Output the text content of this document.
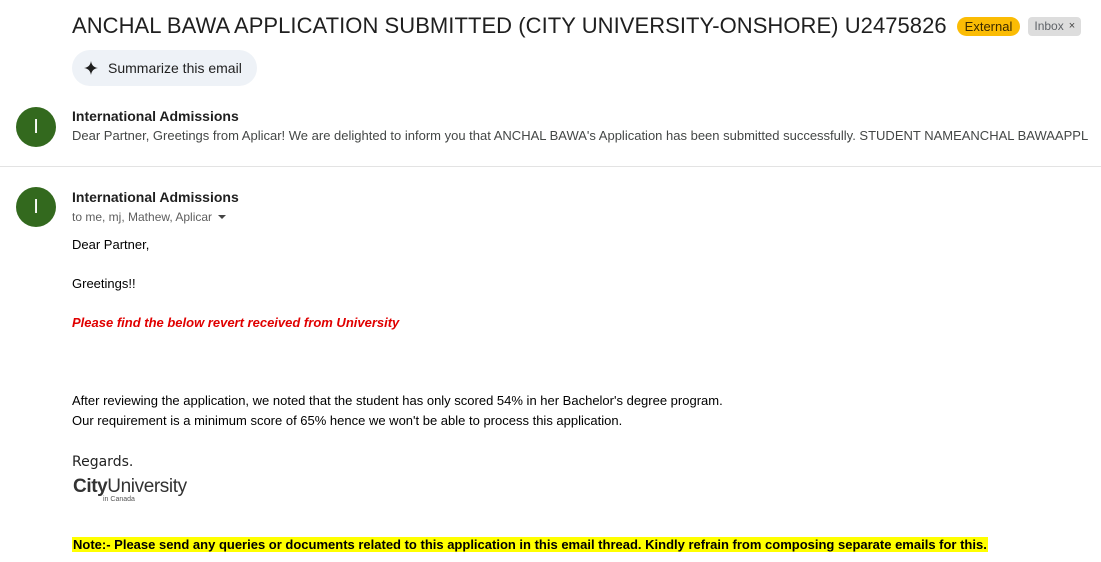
ANCHAL BAWA APPLICATION SUBMITTED (CITY UNIVERSITY-ONSHORE) U2475826	External	Inbox ×
Summarize this email
I	International Admissions
Dear Partner, Greetings from Aplicar! We are delighted to inform you that ANCHAL BAWA's Application has been submitted successfully. STUDENT NAMEANCHAL BAWAAPPL
I	International Admissions
to me, mj, Mathew, Aplicar
Dear Partner,
Greetings!!
Please find the below revert received from University
After reviewing the application, we noted that the student has only scored 54% in her Bachelor's degree program.
Our requirement is a minimum score of 65% hence we won't be able to process this application.
Regards.
CityUniversity
in Canada
Note:- Please send any queries or documents related to this application in this email thread. Kindly refrain from composing separate emails for this.
